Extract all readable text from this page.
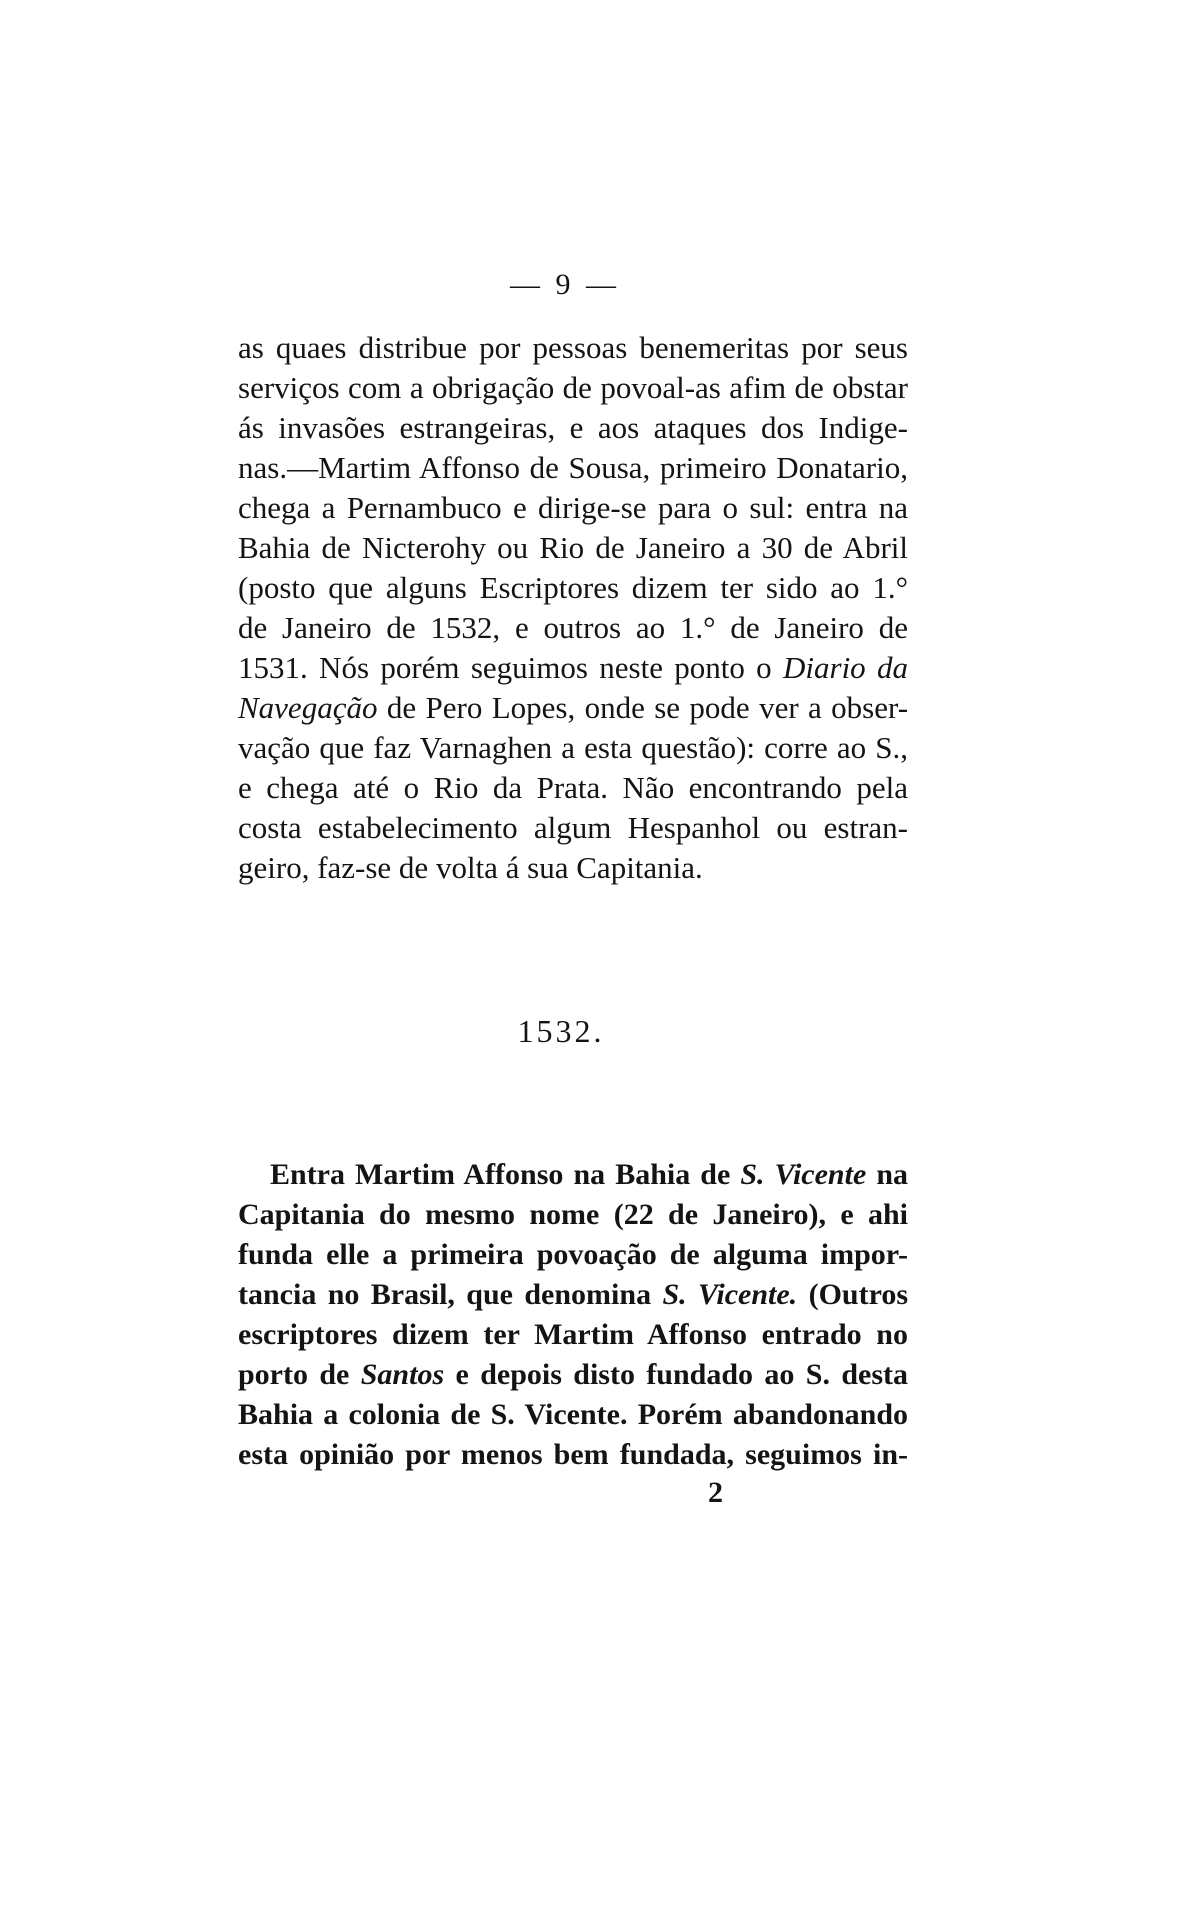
— 9 —
as quaes distribue por pessoas benemeritas por seus
serviços com a obrigação de povoal-as afim de obstar
ás invasões estrangeiras, e aos ataques dos Indige-
nas.—Martim Affonso de Sousa, primeiro Donatario,
chega a Pernambuco e dirige-se para o sul: entra na
Bahia de Nicterohy ou Rio de Janeiro a 30 de Abril
(posto que alguns Escriptores dizem ter sido ao 1.°
de Janeiro de 1532, e outros ao 1.° de Janeiro de
1531. Nós porém seguimos neste ponto o Diario da
Navegação de Pero Lopes, onde se pode ver a obser-
vação que faz Varnaghen a esta questão): corre ao S.,
e chega até o Rio da Prata. Não encontrando pela
costa estabelecimento algum Hespanhol ou estran-
geiro, faz-se de volta á sua Capitania.
1532.
Entra Martim Affonso na Bahia de S. Vicente na
Capitania do mesmo nome (22 de Janeiro), e ahi
funda elle a primeira povoação de alguma impor-
tancia no Brasil, que denomina S. Vicente. (Outros
escriptores dizem ter Martim Affonso entrado no
porto de Santos e depois disto fundado ao S. desta
Bahia a colonia de S. Vicente. Porém abandonando
esta opinião por menos bem fundada, seguimos in-
2
